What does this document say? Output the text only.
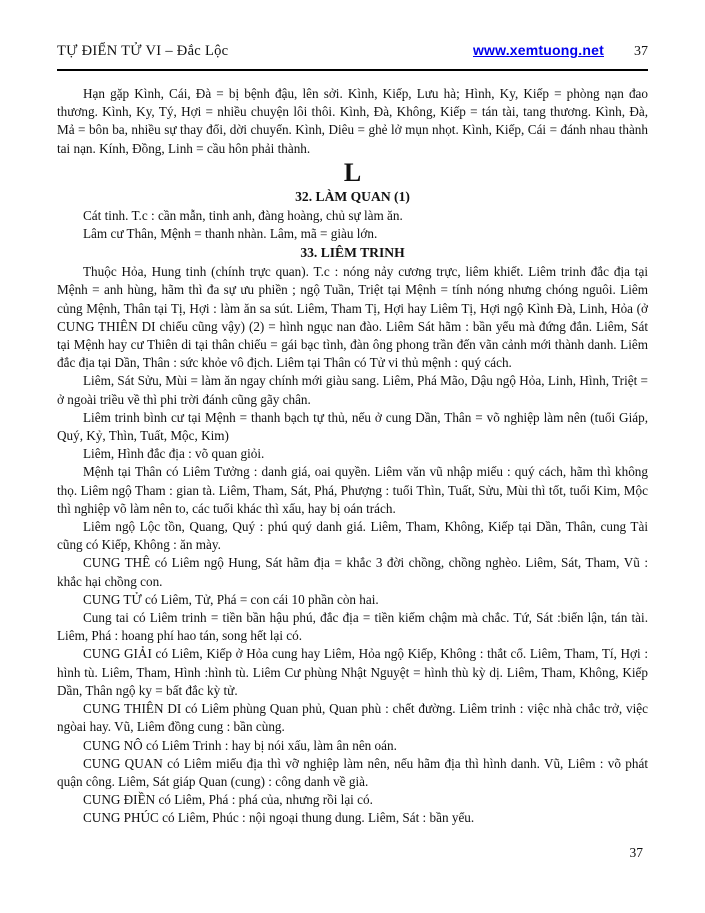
TỰ ĐIỂN TỬ VI – Đắc Lộc	www.xemtuong.net 37

Hạn gặp Kình, Cái, Đà = bị bệnh đậu, lên sởi. Kình, Kiếp, Lưu hà; Hình, Ky, Kiếp = phòng nạn đao thương. Kình, Ky, Tý, Hợi = nhiều chuyện lôi thôi. Kình, Đà, Không, Kiếp = tán tài, tang thương. Kình, Đà, Mả = bôn ba, nhiều sự thay đổi, dời chuyển. Kình, Diêu = ghẻ lở mụn nhọt. Kình, Kiếp, Cái = đánh nhau thành tai nạn. Kính, Đồng, Linh = cầu hôn phải thành.

L
32. LÀM QUAN (1)

Cát tinh. T.c : cần mẫn, tinh anh, đàng hoàng, chủ sự làm ăn.

Lâm cư Thân, Mệnh = thanh nhàn. Lâm, mã = giàu lớn.

33. LIÊM TRINH

Thuộc Hỏa, Hung tinh (chính trực quan). T.c : nóng nảy cương trực, liêm khiết. Liêm trinh đắc địa tại Mệnh = anh hùng, hãm thì đa sự ưu phiền ; ngộ Tuần, Triệt tại Mệnh = tính nóng nhưng chóng nguôi. Liêm củng Mệnh, Thân tại Tị, Hợi : làm ăn sa sút. Liêm, Tham Tị, Hợi hay Liêm Tị, Hợi ngộ Kình Đà, Linh, Hỏa (ở CUNG THIÊN DI chiếu cũng vậy) (2) = hình ngục nan đào. Liêm Sát hãm : bần yểu mà đứng đắn. Liêm, Sát tại Mệnh hay cư Thiên di tại thân chiếu = gái bạc tình, đàn ông phong trần đến vãn cảnh mới thành danh. Liêm đắc địa tại Dần, Thân : sức khỏe vô địch. Liêm tại Thân có Tử vi thủ mệnh : quý cách.

Liêm, Sát Sửu, Mùi = làm ăn ngay chính mới giàu sang. Liêm, Phá Mão, Dậu ngộ Hỏa, Linh, Hình, Triệt = ở ngoài triều về thì phi trời đánh cũng gãy chân.

Liêm trinh bình cư tại Mệnh = thanh bạch tự thủ, nếu ở cung Dần, Thân = võ nghiệp làm nên (tuổi Giáp, Quý, Kỷ, Thìn, Tuất, Mộc, Kim)

Liêm, Hình đắc địa : võ quan giỏi.

Mệnh tại Thân có Liêm Tưởng : danh giá, oai quyền. Liêm văn vũ nhập miếu : quý cách, hãm thì không thọ. Liêm ngộ Tham : gian tà. Liêm, Tham, Sát, Phá, Phượng : tuổi Thìn, Tuất, Sửu, Mùi thì tốt, tuổi Kim, Mộc thì nghiệp võ làm nên to, các tuổi khác thì xấu, hay bị oán trách.

Liêm ngộ Lộc tồn, Quang, Quý : phú quý danh giá. Liêm, Tham, Không, Kiếp tại Dần, Thân, cung Tài cũng có Kiếp, Không : ăn mày.

CUNG THÊ có Liêm ngộ Hung, Sát hãm địa = khắc 3 đời chồng, chồng nghèo. Liêm, Sát, Tham, Vũ : khắc hại chồng con.

CUNG TỬ có Liêm, Tử, Phá = con cái 10 phần còn hai.

Cung tai có Liêm trinh = tiền bần hậu phú, đắc địa = tiền kiếm chậm mà chắc. Tứ, Sát :biển lận, tán tài. Liêm, Phá : hoang phí hao tán, song hết lại có.

CUNG GIẢI có Liêm, Kiếp ở Hỏa cung hay Liêm, Hỏa ngộ Kiếp, Không : thắt cổ. Liêm, Tham, Tí, Hợi : hình tù. Liêm, Tham, Hình :hình tù. Liêm Cư phùng Nhật Nguyệt = hình thù kỳ dị. Liêm, Tham, Không, Kiếp Dần, Thân ngộ ky = bất đắc kỳ tử.

CUNG THIÊN DI có Liêm phùng Quan phủ, Quan phù : chết đường. Liêm trinh : việc nhà chắc trở, việc ngòai hay. Vũ, Liêm đồng cung : bần cùng.

CUNG NÔ có Liêm Trinh : hay bị nói xấu, làm ân nên oán.

CUNG QUAN có Liêm miếu địa thì vỡ nghiệp làm nên, nếu hãm địa thì hình danh. Vũ, Liêm : võ phát quận công. Liêm, Sát giáp Quan (cung) : công danh về già.

CUNG ĐIỀN có Liêm, Phá : phá của, nhưng rồi lại có.

CUNG PHÚC có Liêm, Phúc : nội ngoại thung dung. Liêm, Sát : bần yểu.

37
